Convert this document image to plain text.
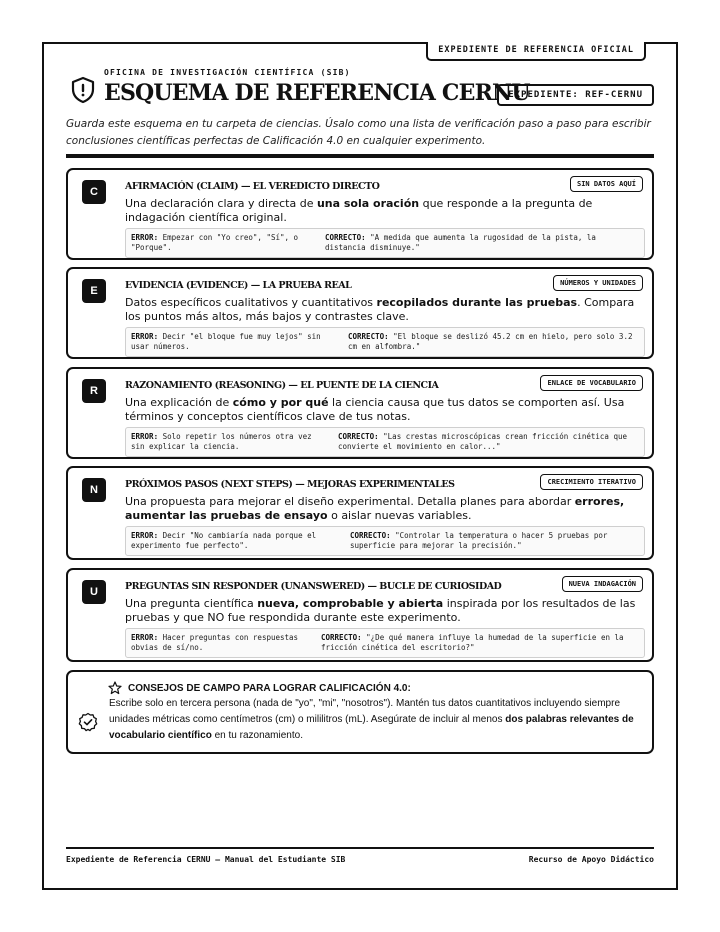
EXPEDIENTE DE REFERENCIA OFICIAL
OFICINA DE INVESTIGACIÓN CIENTÍFICA (SIB)
ESQUEMA DE REFERENCIA CERNU
EXPEDIENTE: REF-CERNU
Guarda este esquema en tu carpeta de ciencias. Úsalo como una lista de verificación paso a paso para escribir conclusiones científicas perfectas de Calificación 4.0 en cualquier experimento.
C	AFIRMACIÓN (CLAIM) — EL VEREDICTO DIRECTO	SIN DATOS AQUÍ
Una declaración clara y directa de una sola oración que responde a la pregunta de indagación científica original.
ERROR: Empezar con "Yo creo", "Sí", o "Porque".
CORRECTO: "A medida que aumenta la rugosidad de la pista, la distancia disminuye."
E	EVIDENCIA (EVIDENCE) — LA PRUEBA REAL	NÚMEROS Y UNIDADES
Datos específicos cualitativos y cuantitativos recopilados durante las pruebas. Compara los puntos más altos, más bajos y contrastes clave.
ERROR: Decir "el bloque fue muy lejos" sin usar números.
CORRECTO: "El bloque se deslizó 45.2 cm en hielo, pero solo 3.2 cm en alfombra."
R	RAZONAMIENTO (REASONING) — EL PUENTE DE LA CIENCIA	ENLACE DE VOCABULARIO
Una explicación de cómo y por qué la ciencia causa que tus datos se comporten así. Usa términos y conceptos científicos clave de tus notas.
ERROR: Solo repetir los números otra vez sin explicar la ciencia.
CORRECTO: "Las crestas microscópicas crean fricción cinética que convierte el movimiento en calor..."
N	PRÓXIMOS PASOS (NEXT STEPS) — MEJORAS EXPERIMENTALES	CRECIMIENTO ITERATIVO
Una propuesta para mejorar el diseño experimental. Detalla planes para abordar errores, aumentar las pruebas de ensayo o aislar nuevas variables.
ERROR: Decir "No cambiaría nada porque el experimento fue perfecto".
CORRECTO: "Controlar la temperatura o hacer 5 pruebas por superficie para mejorar la precisión."
U	PREGUNTAS SIN RESPONDER (UNANSWERED) — BUCLE DE CURIOSIDAD	NUEVA INDAGACIÓN
Una pregunta científica nueva, comprobable y abierta inspirada por los resultados de las pruebas y que NO fue respondida durante este experimento.
ERROR: Hacer preguntas con respuestas obvias de sí/no.
CORRECTO: "¿De qué manera influye la humedad de la superficie en la fricción cinética del escritorio?"
CONSEJOS DE CAMPO PARA LOGRAR CALIFICACIÓN 4.0:
Escribe solo en tercera persona (nada de "yo", "mi", "nosotros"). Mantén tus datos cuantitativos incluyendo siempre unidades métricas como centímetros (cm) o mililitros (mL). Asegúrate de incluir al menos dos palabras relevantes de vocabulario científico en tu razonamiento.
Expediente de Referencia CERNU — Manual del Estudiante SIB	Recurso de Apoyo Didáctico
